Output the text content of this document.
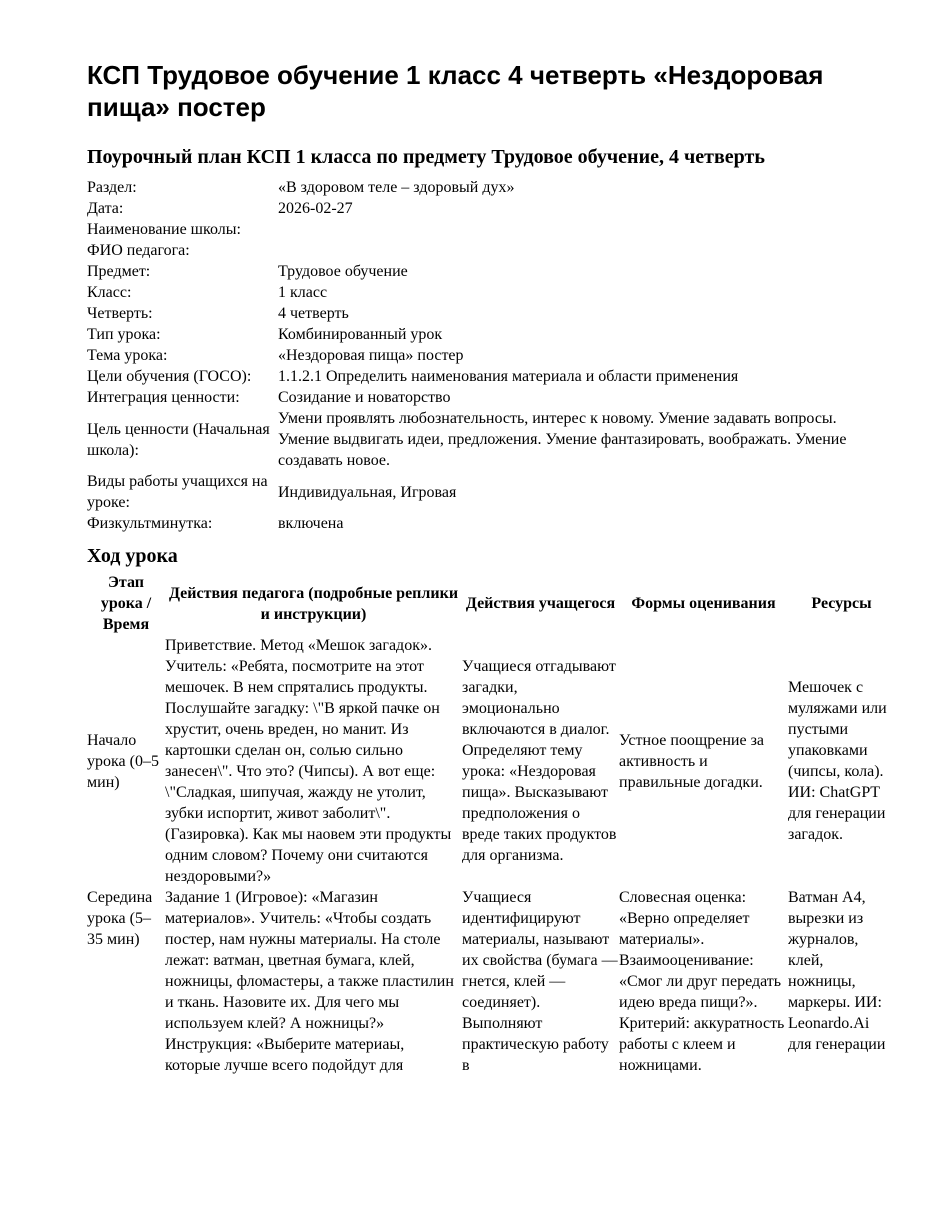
КСП Трудовое обучение 1 класс 4 четверть «Нездоровая пища» постер
Поурочный план КСП 1 класса по предмету Трудовое обучение, 4 четверть
Раздел:	«В здоровом теле – здоровый дух»
Дата:	2026-02-27
Наименование школы:	
ФИО педагога:	
Предмет:	Трудовое обучение
Класс:	1 класс
Четверть:	4 четверть
Тип урока:	Комбинированный урок
Тема урока:	«Нездоровая пища» постер
Цели обучения (ГОСО):	1.1.2.1 Определить наименования материала и области применения
Интеграция ценности:	Созидание и новаторство
Цель ценности (Начальная школа):	Умени проявлять любознательность, интерес к новому. Умение задавать вопросы. Умение выдвигать идеи, предложения. Умение фантазировать, воображать. Умение создавать новое.
Виды работы учащихся на уроке:	Индивидуальная, Игровая
Физкультминутка:	включена
Ход урока
Этап урока / Время	Действия педагога (подробные реплики и инструкции)	Действия учащегося	Формы оценивания	Ресурсы
Начало урока (0–5 мин)	Приветствие. Метод «Мешок загадок». Учитель: «Ребята, посмотрите на этот мешочек. В нем спрятались продукты. Послушайте загадку: \"В яркой пачке он хрустит, очень вреден, но манит. Из картошки сделан он, солью сильно занесен\". Что это? (Чипсы). А вот еще: \"Сладкая, шипучая, жажду не утолит, зубки испортит, живот заболит\". (Газировка). Как мы наовем эти продукты одним словом? Почему они считаются нездоровыми?»	Учащиеся отгадывают загадки, эмоционально включаются в диалог. Определяют тему урока: «Нездоровая пища». Высказывают предположения о вреде таких продуктов для организма.	Устное поощрение за активность и правильные догадки.	Мешочек с муляжами или пустыми упаковками (чипсы, кола). ИИ: ChatGPT для генерации загадок.
Середина урока (5–35 мин)	Задание 1 (Игровое): «Магазин материалов». Учитель: «Чтобы создать постер, нам нужны материалы. На столе лежат: ватман, цветная бумага, клей, ножницы, фломастеры, а также пластилин и ткань. Назовите их. Для чего мы используем клей? А ножницы?» Инструкция: «Выберите материаы, которые лучше всего подойдут для	Учащиеся идентифицируют материалы, называют их свойства (бумага — гнется, клей — соединяет). Выполняют практическую работу в	Словесная оценка: «Верно определяет материалы». Взаимооценивание: «Смог ли друг передать идею вреда пищи?». Критерий: аккуратность работы с клеем и ножницами.	Ватман А4, вырезки из журналов, клей, ножницы, маркеры. ИИ: Leonardo.Ai для генерации
